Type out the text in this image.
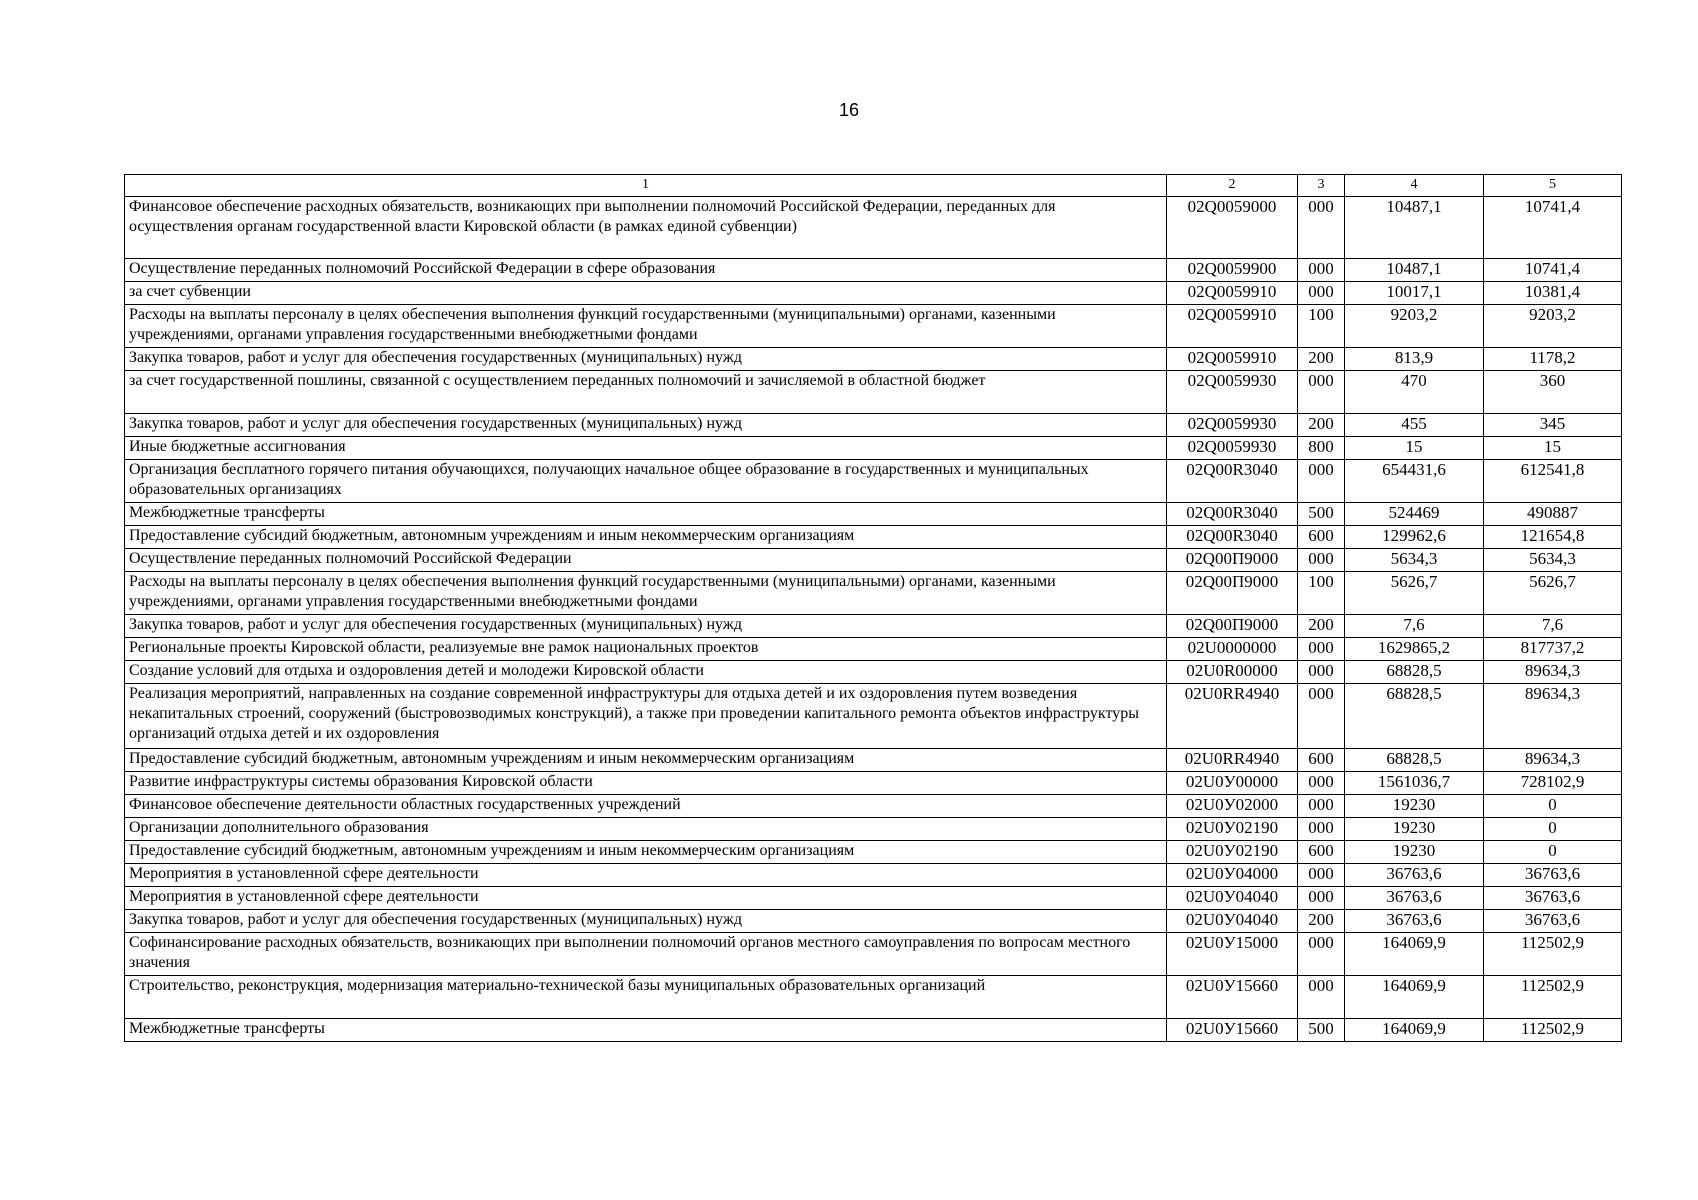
16
1	2	3	4	5
Финансовое обеспечение расходных обязательств, возникающих при выполнении полномочий Российской Федерации, переданных для осуществления органам государственной власти Кировской области (в рамках единой субвенции)	02Q0059000	000	10487,1	10741,4
Осуществление переданных полномочий Российской Федерации в сфере образования	02Q0059900	000	10487,1	10741,4
за счет субвенции	02Q0059910	000	10017,1	10381,4
Расходы на выплаты персоналу в целях обеспечения выполнения функций государственными (муниципальными) органами, казенными учреждениями, органами управления государственными внебюджетными фондами	02Q0059910	100	9203,2	9203,2
Закупка товаров, работ и услуг для обеспечения государственных (муниципальных) нужд	02Q0059910	200	813,9	1178,2
за счет государственной пошлины, связанной с осуществлением переданных полномочий и зачисляемой в областной бюджет	02Q0059930	000	470	360
Закупка товаров, работ и услуг для обеспечения государственных (муниципальных) нужд	02Q0059930	200	455	345
Иные бюджетные ассигнования	02Q0059930	800	15	15
Организация бесплатного горячего питания обучающихся, получающих начальное общее образование в государственных и муниципальных образовательных организациях	02Q00R3040	000	654431,6	612541,8
Межбюджетные трансферты	02Q00R3040	500	524469	490887
Предоставление субсидий бюджетным, автономным учреждениям и иным некоммерческим организациям	02Q00R3040	600	129962,6	121654,8
Осуществление переданных полномочий Российской Федерации	02Q00П9000	000	5634,3	5634,3
Расходы на выплаты персоналу в целях обеспечения выполнения функций государственными (муниципальными) органами, казенными учреждениями, органами управления государственными внебюджетными фондами	02Q00П9000	100	5626,7	5626,7
Закупка товаров, работ и услуг для обеспечения государственных (муниципальных) нужд	02Q00П9000	200	7,6	7,6
Региональные проекты Кировской области, реализуемые вне рамок национальных проектов	02U0000000	000	1629865,2	817737,2
Создание условий для отдыха и оздоровления детей и молодежи Кировской области	02U0R00000	000	68828,5	89634,3
Реализация мероприятий, направленных на создание современной инфраструктуры для отдыха детей и их оздоровления путем возведения некапитальных строений, сооружений (быстровозводимых конструкций), а также при проведении капитального ремонта объектов инфраструктуры организаций отдыха детей и их оздоровления	02U0RR4940	000	68828,5	89634,3
Предоставление субсидий бюджетным, автономным учреждениям и иным некоммерческим организациям	02U0RR4940	600	68828,5	89634,3
Развитие инфраструктуры системы образования Кировской области	02U0У00000	000	1561036,7	728102,9
Финансовое обеспечение деятельности областных государственных учреждений	02U0У02000	000	19230	0
Организации дополнительного образования	02U0У02190	000	19230	0
Предоставление субсидий бюджетным, автономным учреждениям и иным некоммерческим организациям	02U0У02190	600	19230	0
Мероприятия в установленной сфере деятельности	02U0У04000	000	36763,6	36763,6
Мероприятия в установленной сфере деятельности	02U0У04040	000	36763,6	36763,6
Закупка товаров, работ и услуг для обеспечения государственных (муниципальных) нужд	02U0У04040	200	36763,6	36763,6
Софинансирование расходных обязательств, возникающих при выполнении полномочий органов местного самоуправления по вопросам местного значения	02U0У15000	000	164069,9	112502,9
Строительство, реконструкция, модернизация материально-технической базы муниципальных образовательных организаций	02U0У15660	000	164069,9	112502,9
Межбюджетные трансферты	02U0У15660	500	164069,9	112502,9
